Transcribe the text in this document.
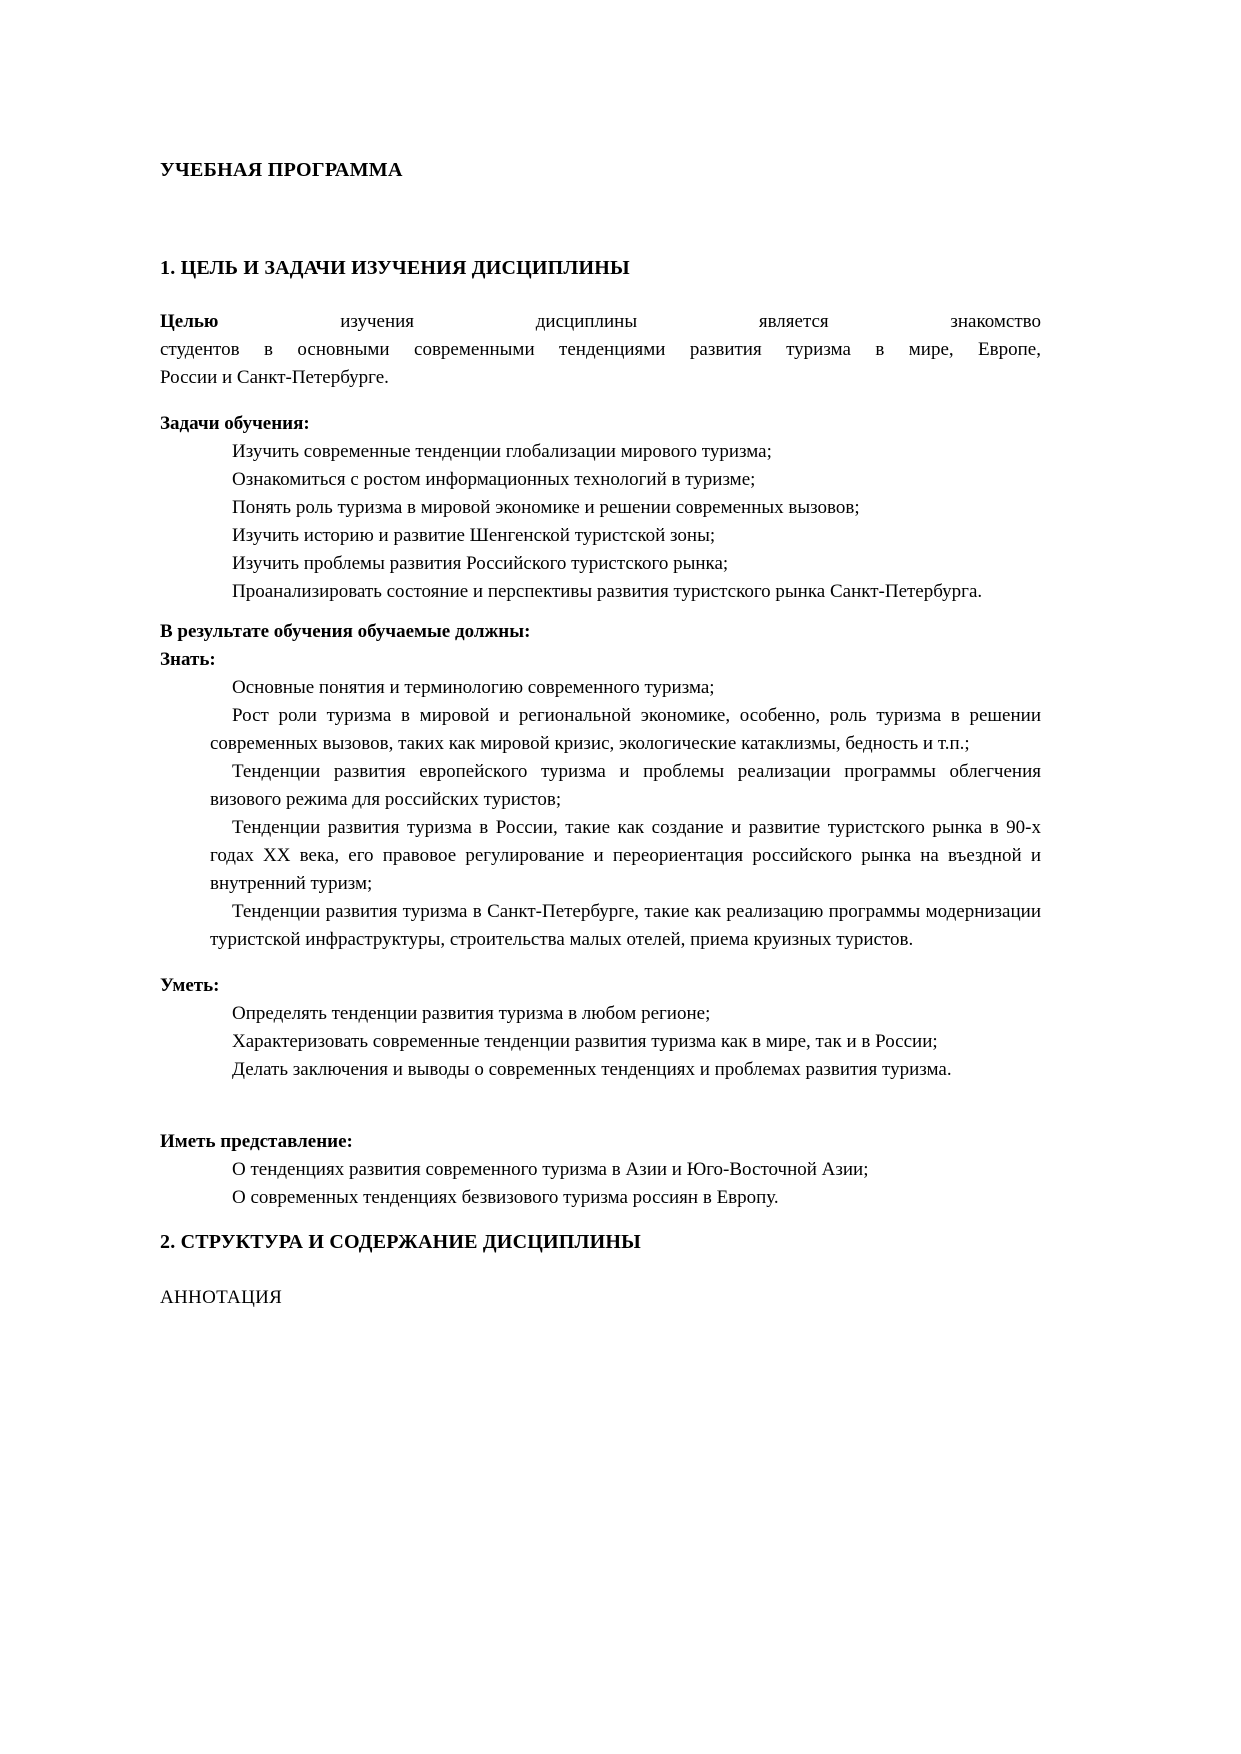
УЧЕБНАЯ ПРОГРАММА
1. ЦЕЛЬ И ЗАДАЧИ ИЗУЧЕНИЯ ДИСЦИПЛИНЫ
Целью	изучения дисциплины является знакомство
студентов в основными современными тенденциями развития туризма в мире, Европе,
России и Санкт-Петербурге.

Задачи обучения:

Изучить современные тенденции глобализации мирового туризма;

Ознакомиться с ростом информационных технологий в туризме;

Понять роль туризма в мировой экономике и решении современных вызовов;

Изучить историю и развитие Шенгенской туристской зоны;

Изучить проблемы развития Российского туристского рынка;

Проанализировать состояние и перспективы развития туристского рынка Санкт-Петербурга.

В результате обучения обучаемые должны:

Знать:

Основные понятия и терминологию современного туризма;

Рост роли туризма в мировой и региональной экономике, особенно, роль туризма в решении современных вызовов, таких как мировой кризис, экологические катаклизмы, бедность и т.п.;

Тенденции развития европейского туризма и проблемы реализации программы облегчения визового режима для российских туристов;

Тенденции развития туризма в России, такие как создание и развитие туристского рынка в 90-х годах XX века, его правовое регулирование и переориентация российского рынка на въездной и внутренний туризм;

Тенденции развития туризма в Санкт-Петербурге, такие как реализацию программы модернизации туристской инфраструктуры, строительства малых отелей, приема круизных туристов.

Уметь:

Определять тенденции развития туризма в любом регионе;

Характеризовать современные тенденции развития туризма как в мире, так и в России;

Делать заключения и выводы о современных тенденциях и проблемах развития туризма.

Иметь представление:

О тенденциях развития современного туризма в Азии и Юго-Восточной Азии;

О современных тенденциях безвизового туризма россиян в Европу.

2. СТРУКТУРА И СОДЕРЖАНИЕ ДИСЦИПЛИНЫ

АННОТАЦИЯ
